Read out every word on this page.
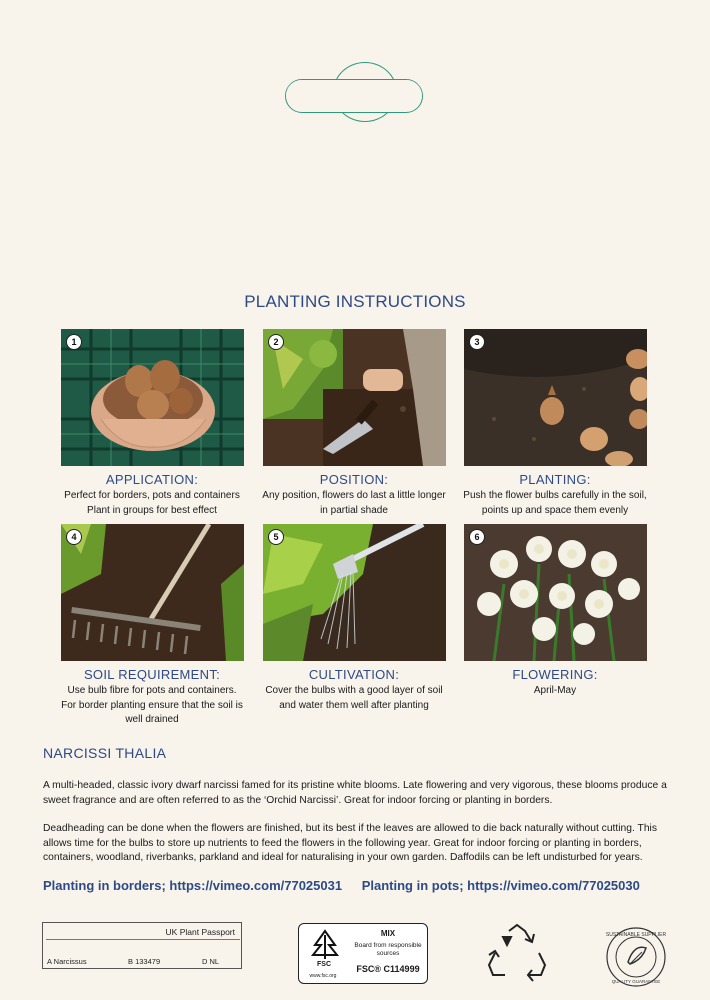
PLANTING INSTRUCTIONS
1	2	3
4	5	6
APPLICATION:
Perfect for borders, pots and containers
Plant in groups for best effect
POSITION:
Any position, flowers do last a little longer
in partial shade
PLANTING:
Push the flower bulbs carefully in the soil,
points up and space them evenly
SOIL REQUIREMENT:
Use bulb fibre for pots and containers.
For border planting ensure that the soil is
well drained
CULTIVATION:
Cover the bulbs with a good layer of soil
and water them well after planting
FLOWERING:
April-May
NARCISSI THALIA
A multi-headed, classic ivory dwarf narcissi famed for its pristine white blooms. Late flowering and very vigorous, these blooms produce a sweet fragrance and are often referred to as the ‘Orchid Narcissi’. Great for indoor forcing or planting in borders.
Deadheading can be done when the flowers are finished, but its best if the leaves are allowed to die back naturally without cutting. This allows time for the bulbs to store up nutrients to feed the flowers in the following year. Great for indoor forcing or planting in borders, containers, woodland, riverbanks, parkland and ideal for naturalising in your own garden. Daffodils can be left undisturbed for years.
Planting in borders; https://vimeo.com/77025031 Planting in pots; https://vimeo.com/77025030
UK Plant Passport
A Narcissus	B 133479	D NL	FSC
www.fsc.org
MIX
Board from responsible sources
FSC® C114999
SUSTAINABLE SUPPLIER
QUALITY GUARANTEE
